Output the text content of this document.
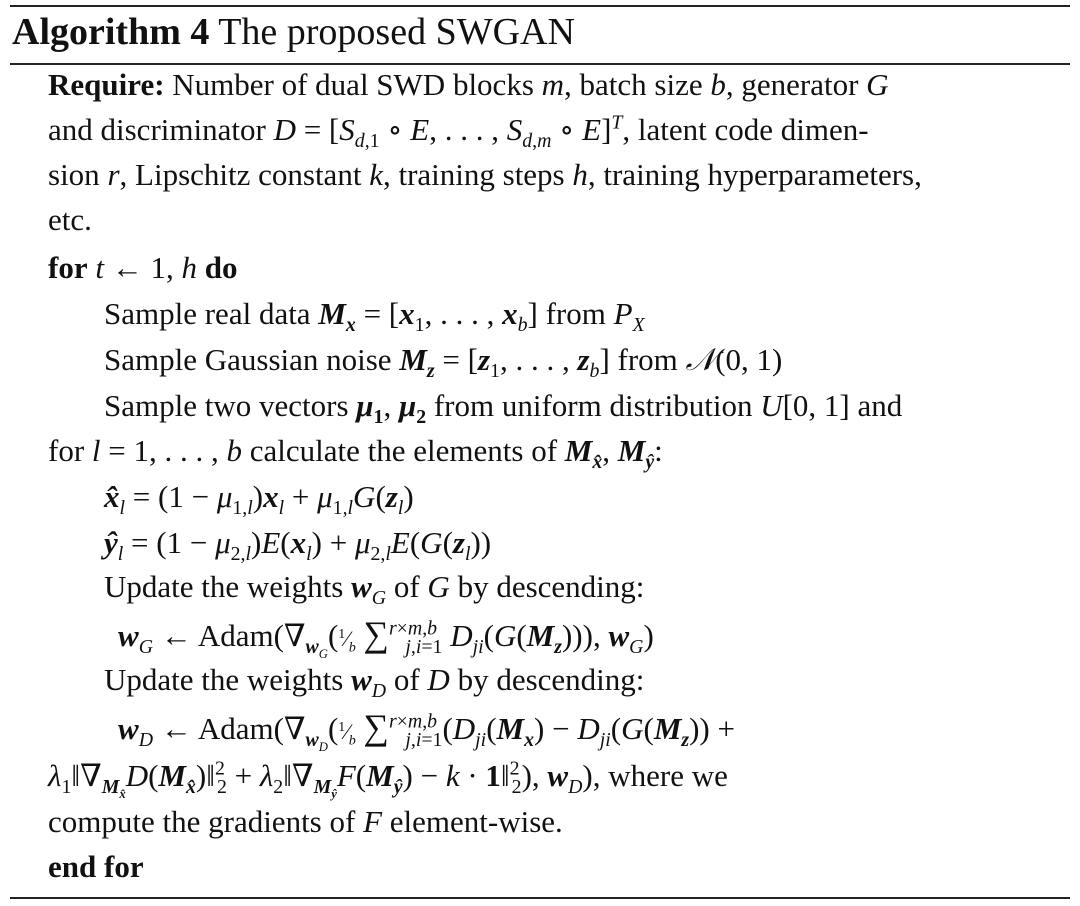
Algorithm 4 The proposed SWGAN
Require: Number of dual SWD blocks m, batch size b, generator G
and discriminator $D = [S_{d,1}$ ∘ E, . . . , $S_{d,m}$ ∘ E]$^T$, latent code dimen-
sion r, Lipschitz constant k, training steps h, training hyperparameters,
etc.
for t ← 1, h do
Sample real data $M_x = [x_1$, . . . , $x_b$] from $P_X$
Sample Gaussian noise $M_z = [z_1$, . . . , $z_b$] from 𝒩(0, 1)
Sample two vectors $\mu_1$, $\mu_2$ from uniform distribution U[0, 1] and
for l = 1, . . . , b calculate the elements of $M_{x̂}$, $M_ŷ$:
$x̂_l = (1 - \mu_{1,l})x_l + \mu_{1,l}G(z_l)$
$ŷ_l = (1 - \mu_{2,l})E(x_l) + \mu_{2,l}E(G(z_l))$
Update the weights $w_G$ of G by descending:
$w_G$ ← $Adam(\nabla_{w_G}(^1⁄_b$ ∑$^{r\times m,b}_{j,i=1}$ $D_{ji}(G(M_z))$), $w_G$)
Update the weights $w_D$ of D by descending:
$w_D$ ← $Adam(\nabla_{w_D}(^1⁄_b$ $\sum^{r\times m,b}_{j,i=1}(D_{ji}(M_x) - D_{ji}(G(M_z))$ +
$\lambda_1‖\nabla_{M_{x̂}}D(M_{x̂})‖^2_2$ + $\lambda_2‖\nabla_{M_ŷ}F(M_ŷ) - k$ · 1‖$^2_2$), $w_D$), where we
compute the gradients of F element-wise.
end for
